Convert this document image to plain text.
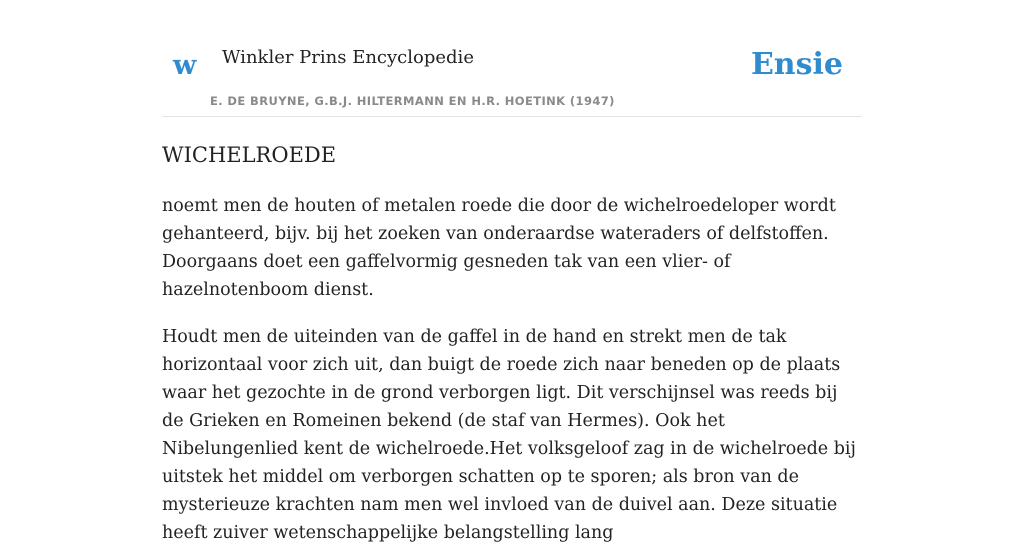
w Winkler Prins Encyclopedie
E. DE BRUYNE, G.B.J. HILTERMANN EN H.R. HOETINK (1947)
Ensie
WICHELROEDE

noemt men de houten of metalen roede die door de wichelroedeloper wordt gehanteerd, bijv. bij het zoeken van onderaardse wateraders of delfstoffen. Doorgaans doet een gaffelvormig gesneden tak van een vlier- of hazelnotenboom dienst.

Houdt men de uiteinden van de gaffel in de hand en strekt men de tak horizontaal voor zich uit, dan buigt de roede zich naar beneden op de plaats waar het gezochte in de grond verborgen ligt. Dit verschijnsel was reeds bij de Grieken en Romeinen bekend (de staf van Hermes). Ook het Nibelungenlied kent de wichelroede.Het volksgeloof zag in de wichelroede bij uitstek het middel om verborgen schatten op te sporen; als bron van de mysterieuze krachten nam men wel invloed van de duivel aan. Deze situatie heeft zuiver wetenschappelijke belangstelling lang
